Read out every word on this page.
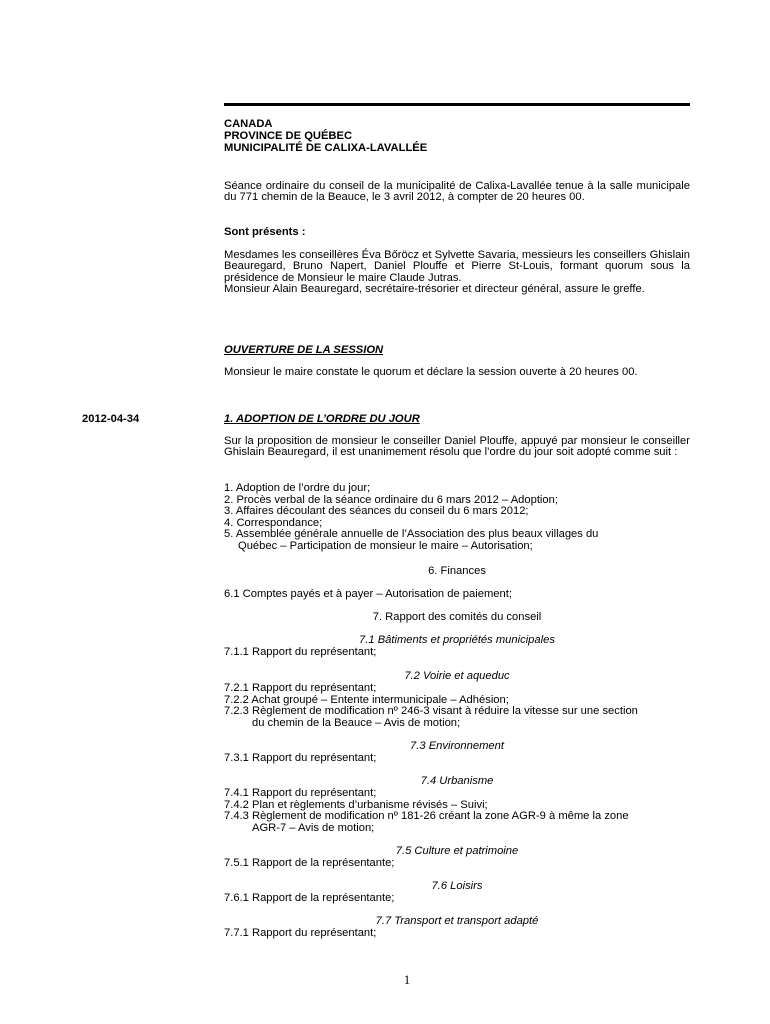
CANADA
PROVINCE DE QUÉBEC
MUNICIPALITÉ DE CALIXA-LAVALLÉE

Séance ordinaire du conseil de la municipalité de Calixa-Lavallée tenue à la salle municipale du 771 chemin de la Beauce, le 3 avril 2012, à compter de 20 heures 00.

Sont présents :

Mesdames les conseillères Éva Bőröcz et Sylvette Savaria, messieurs les conseillers Ghislain Beauregard, Bruno Napert, Daniel Plouffe et Pierre St-Louis, formant quorum sous la présidence de Monsieur le maire Claude Jutras.

Monsieur Alain Beauregard, secrétaire-trésorier et directeur général, assure le greffe.

OUVERTURE DE LA SESSION

Monsieur le maire constate le quorum et déclare la session ouverte à 20 heures 00.

2012-04-34	1. ADOPTION DE L’ORDRE DU JOUR

Sur la proposition de monsieur le conseiller Daniel Plouffe, appuyé par monsieur le conseiller Ghislain Beauregard, il est unanimement résolu que l’ordre du jour soit adopté comme suit :

1. Adoption de l’ordre du jour;
2. Procès verbal de la séance ordinaire du 6 mars 2012 – Adoption;
3. Affaires découlant des séances du conseil du 6 mars 2012;
4. Correspondance;
5. Assemblée générale annuelle de l’Association des plus beaux villages du
Québec – Participation de monsieur le maire – Autorisation;
6. Finances
6.1 Comptes payés et à payer – Autorisation de paiement;
7. Rapport des comités du conseil
7.1 Bâtiments et propriétés municipales
7.1.1 Rapport du représentant;
7.2 Voirie et aqueduc
7.2.1 Rapport du représentant;
7.2.2 Achat groupé – Entente intermunicipale – Adhésion;
7.2.3 Règlement de modification nº 246-3 visant à réduire la vitesse sur une section
du chemin de la Beauce – Avis de motion;
7.3 Environnement
7.3.1 Rapport du représentant;
7.4 Urbanisme
7.4.1 Rapport du représentant;
7.4.2 Plan et règlements d’urbanisme révisés – Suivi;
7.4.3 Règlement de modification nº 181-26 créant la zone AGR-9 à même la zone
AGR-7 – Avis de motion;
7.5 Culture et patrimoine
7.5.1 Rapport de la représentante;
7.6 Loisirs
7.6.1 Rapport de la représentante;
7.7 Transport et transport adapté
7.7.1 Rapport du représentant;
1
